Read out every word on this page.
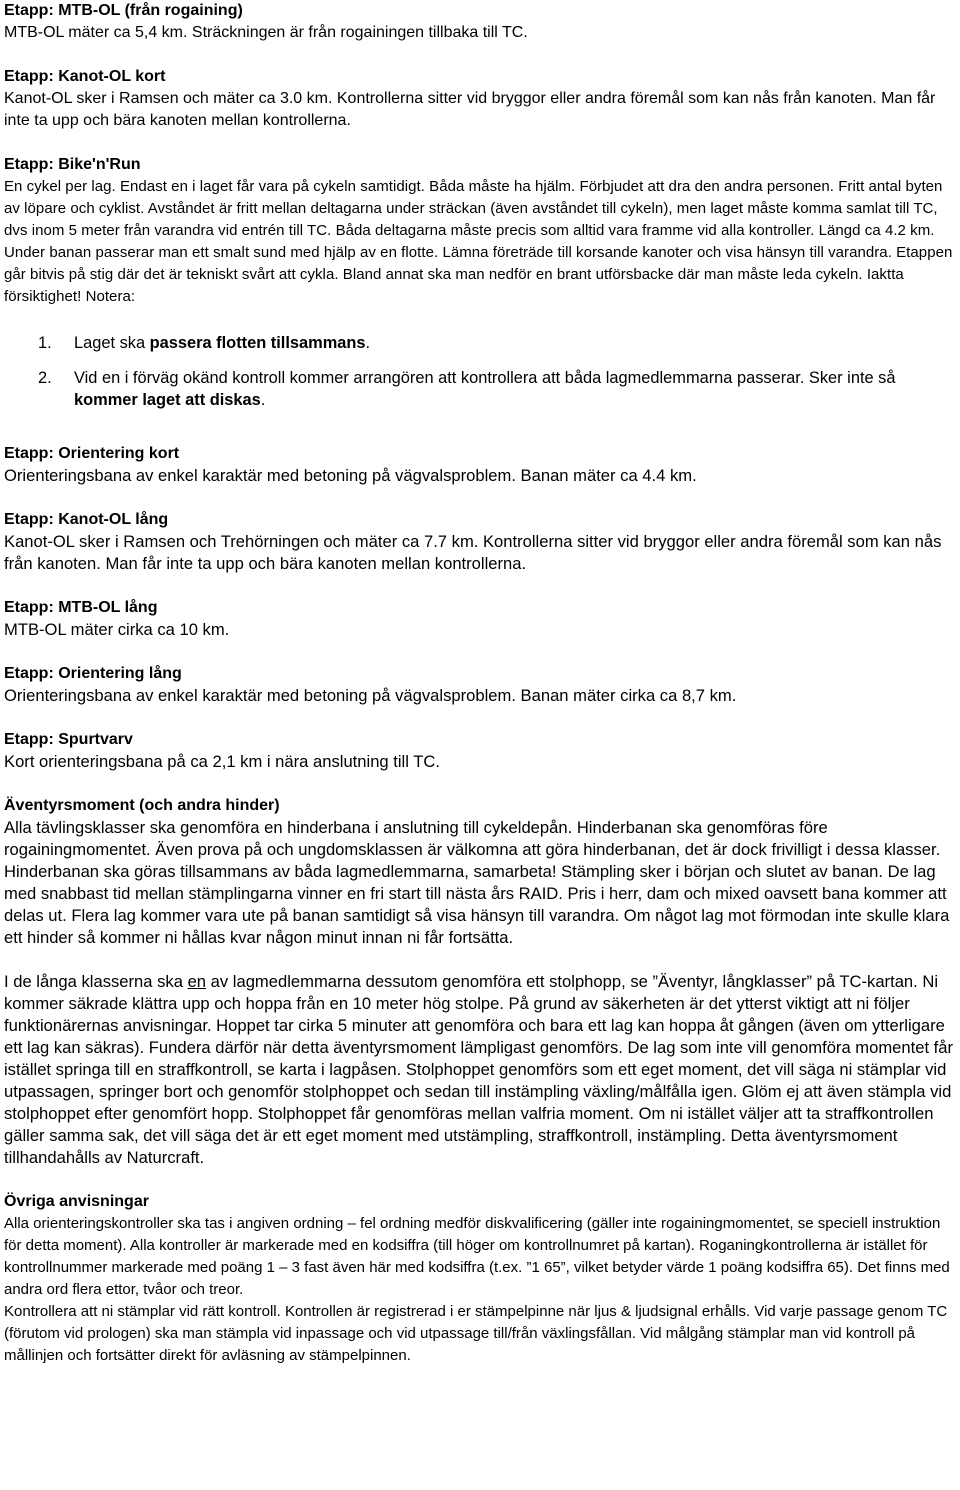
Etapp: MTB-OL (från rogaining)

MTB-OL mäter ca 5,4 km. Sträckningen är från rogainingen tillbaka till TC.

Etapp: Kanot-OL kort

Kanot-OL sker i Ramsen och mäter ca 3.0 km. Kontrollerna sitter vid bryggor eller andra föremål som kan nås från kanoten. Man får inte ta upp och bära kanoten mellan kontrollerna.

Etapp: Bike'n'Run

En cykel per lag. Endast en i laget får vara på cykeln samtidigt. Båda måste ha hjälm. Förbjudet att dra den andra personen. Fritt antal byten av löpare och cyklist. Avståndet är fritt mellan deltagarna under sträckan (även avståndet till cykeln), men laget måste komma samlat till TC, dvs inom 5 meter från varandra vid entrén till TC. Båda deltagarna måste precis som alltid vara framme vid alla kontroller. Längd ca 4.2 km. Under banan passerar man ett smalt sund med hjälp av en flotte. Lämna företräde till korsande kanoter och visa hänsyn till varandra. Etappen går bitvis på stig där det är tekniskt svårt att cykla. Bland annat ska man nedför en brant utförsbacke där man måste leda cykeln. Iaktta försiktighet! Notera:

1. Laget ska passera flotten tillsammans.
2. Vid en i förväg okänd kontroll kommer arrangören att kontrollera att båda lagmedlemmarna passerar. Sker inte så kommer laget att diskas.

Etapp: Orientering kort

Orienteringsbana av enkel karaktär med betoning på vägvalsproblem. Banan mäter ca 4.4 km.

Etapp: Kanot-OL lång

Kanot-OL sker i Ramsen och Trehörningen och mäter ca 7.7 km. Kontrollerna sitter vid bryggor eller andra föremål som kan nås från kanoten. Man får inte ta upp och bära kanoten mellan kontrollerna.

Etapp: MTB-OL lång

MTB-OL mäter cirka ca 10 km.

Etapp: Orientering lång

Orienteringsbana av enkel karaktär med betoning på vägvalsproblem. Banan mäter cirka ca 8,7 km.

Etapp: Spurtvarv

Kort orienteringsbana på ca 2,1 km i nära anslutning till TC.

Äventyrsmoment (och andra hinder)

Alla tävlingsklasser ska genomföra en hinderbana i anslutning till cykeldepån. Hinderbanan ska genomföras före rogainingmomentet. Även prova på och ungdomsklassen är välkomna att göra hinderbanan, det är dock frivilligt i dessa klasser. Hinderbanan ska göras tillsammans av båda lagmedlemmarna, samarbeta! Stämpling sker i början och slutet av banan. De lag med snabbast tid mellan stämplingarna vinner en fri start till nästa års RAID. Pris i herr, dam och mixed oavsett bana kommer att delas ut. Flera lag kommer vara ute på banan samtidigt så visa hänsyn till varandra. Om något lag mot förmodan inte skulle klara ett hinder så kommer ni hållas kvar någon minut innan ni får fortsätta.

I de långa klasserna ska en av lagmedlemmarna dessutom genomföra ett stolphopp, se ”Äventyr, långklasser” på TC-kartan. Ni kommer säkrade klättra upp och hoppa från en 10 meter hög stolpe. På grund av säkerheten är det ytterst viktigt att ni följer funktionärernas anvisningar. Hoppet tar cirka 5 minuter att genomföra och bara ett lag kan hoppa åt gången (även om ytterligare ett lag kan säkras). Fundera därför när detta äventyrsmoment lämpligast genomförs. De lag som inte vill genomföra momentet får istället springa till en straffkontroll, se karta i lagpåsen. Stolphoppet genomförs som ett eget moment, det vill säga ni stämplar vid utpassagen, springer bort och genomför stolphoppet och sedan till instämpling växling/målfålla igen. Glöm ej att även stämpla vid stolphoppet efter genomfört hopp. Stolphoppet får genomföras mellan valfria moment. Om ni istället väljer att ta straffkontrollen gäller samma sak, det vill säga det är ett eget moment med utstämpling, straffkontroll, instämpling. Detta äventyrsmoment tillhandahålls av Naturcraft.

Övriga anvisningar

Alla orienteringskontroller ska tas i angiven ordning – fel ordning medför diskvalificering (gäller inte rogainingmomentet, se speciell instruktion för detta moment). Alla kontroller är markerade med en kodsiffra (till höger om kontrollnumret på kartan). Roganingkontrollerna är istället för kontrollnummer markerade med poäng 1 – 3 fast även här med kodsiffra (t.ex. ”1 65”, vilket betyder värde 1 poäng kodsiffra 65). Det finns med andra ord flera ettor, tvåor och treor.

Kontrollera att ni stämplar vid rätt kontroll. Kontrollen är registrerad i er stämpelpinne när ljus & ljudsignal erhålls. Vid varje passage genom TC (förutom vid prologen) ska man stämpla vid inpassage och vid utpassage till/från växlingsfållan. Vid målgång stämplar man vid kontroll på mållinjen och fortsätter direkt för avläsning av stämpelpinnen.
